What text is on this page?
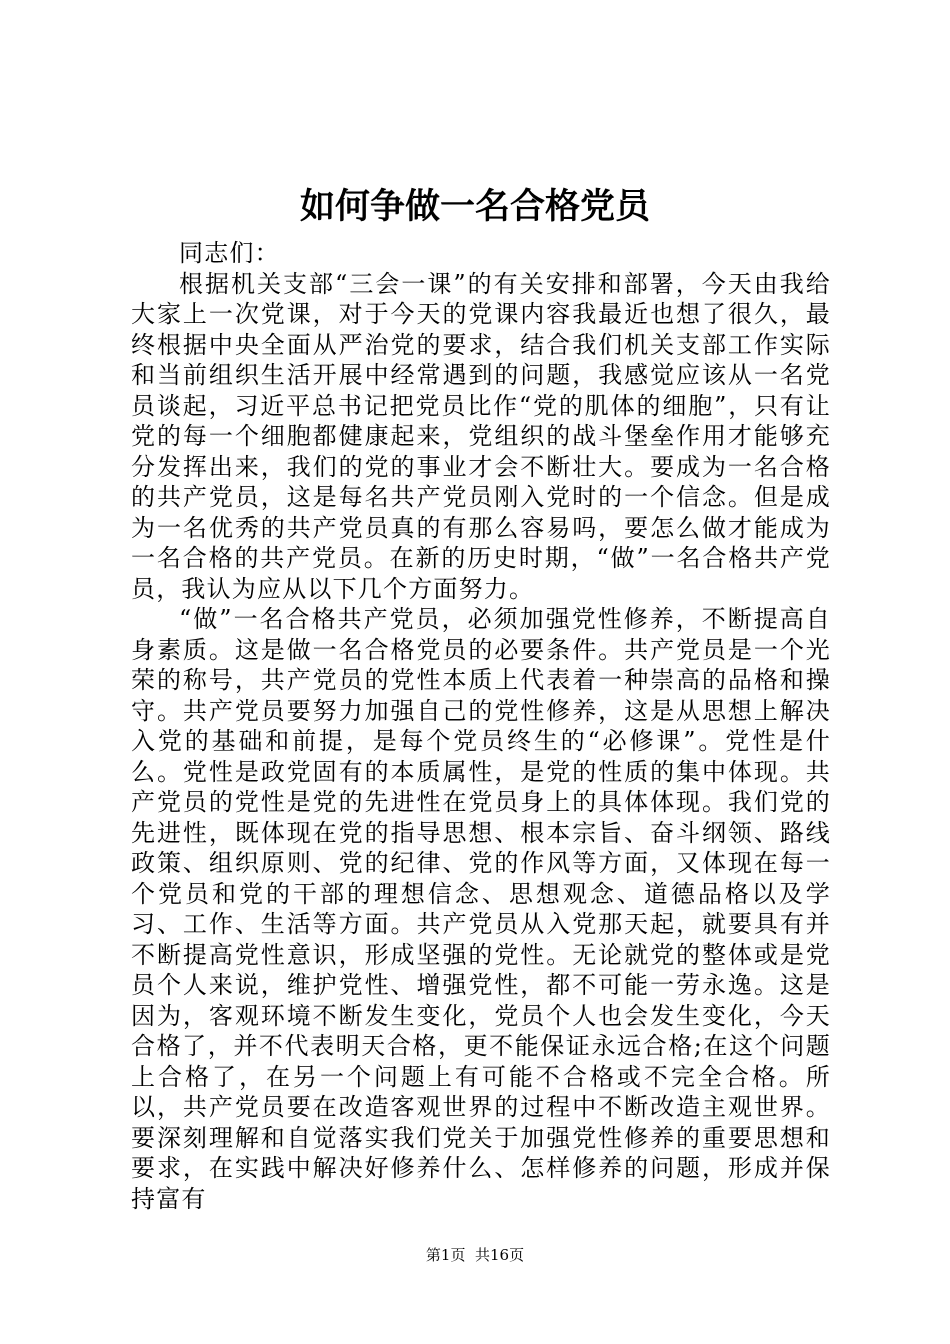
如何争做一名合格党员

同志们：

根据机关支部“三会一课”的有关安排和部署，今天由我给大家上一次党课，对于今天的党课内容我最近也想了很久，最终根据中央全面从严治党的要求，结合我们机关支部工作实际和当前组织生活开展中经常遇到的问题，我感觉应该从一名党员谈起，习近平总书记把党员比作“党的肌体的细胞”，只有让党的每一个细胞都健康起来，党组织的战斗堡垒作用才能够充分发挥出来，我们的党的事业才会不断壮大。要成为一名合格的共产党员，这是每名共产党员刚入党时的一个信念。但是成为一名优秀的共产党员真的有那么容易吗，要怎么做才能成为一名合格的共产党员。在新的历史时期，“做”一名合格共产党员，我认为应从以下几个方面努力。

“做”一名合格共产党员，必须加强党性修养，不断提高自身素质。这是做一名合格党员的必要条件。共产党员是一个光荣的称号，共产党员的党性本质上代表着一种崇高的品格和操守。共产党员要努力加强自己的党性修养，这是从思想上解决入党的基础和前提，是每个党员终生的“必修课”。党性是什么。党性是政党固有的本质属性，是党的性质的集中体现。共产党员的党性是党的先进性在党员身上的具体体现。我们党的先进性，既体现在党的指导思想、根本宗旨、奋斗纲领、路线政策、组织原则、党的纪律、党的作风等方面，又体现在每一个党员和党的干部的理想信念、思想观念、道德品格以及学习、工作、生活等方面。共产党员从入党那天起，就要具有并不断提高党性意识，形成坚强的党性。无论就党的整体或是党员个人来说，维护党性、增强党性，都不可能一劳永逸。这是因为，客观环境不断发生变化，党员个人也会发生变化，今天合格了，并不代表明天合格，更不能保证永远合格;在这个问题上合格了，在另一个问题上有可能不合格或不完全合格。所以，共产党员要在改造客观世界的过程中不断改造主观世界。要深刻理解和自觉落实我们党关于加强党性修养的重要思想和要求，在实践中解决好修养什么、怎样修养的问题，形成并保持富有

第1页  共16页
